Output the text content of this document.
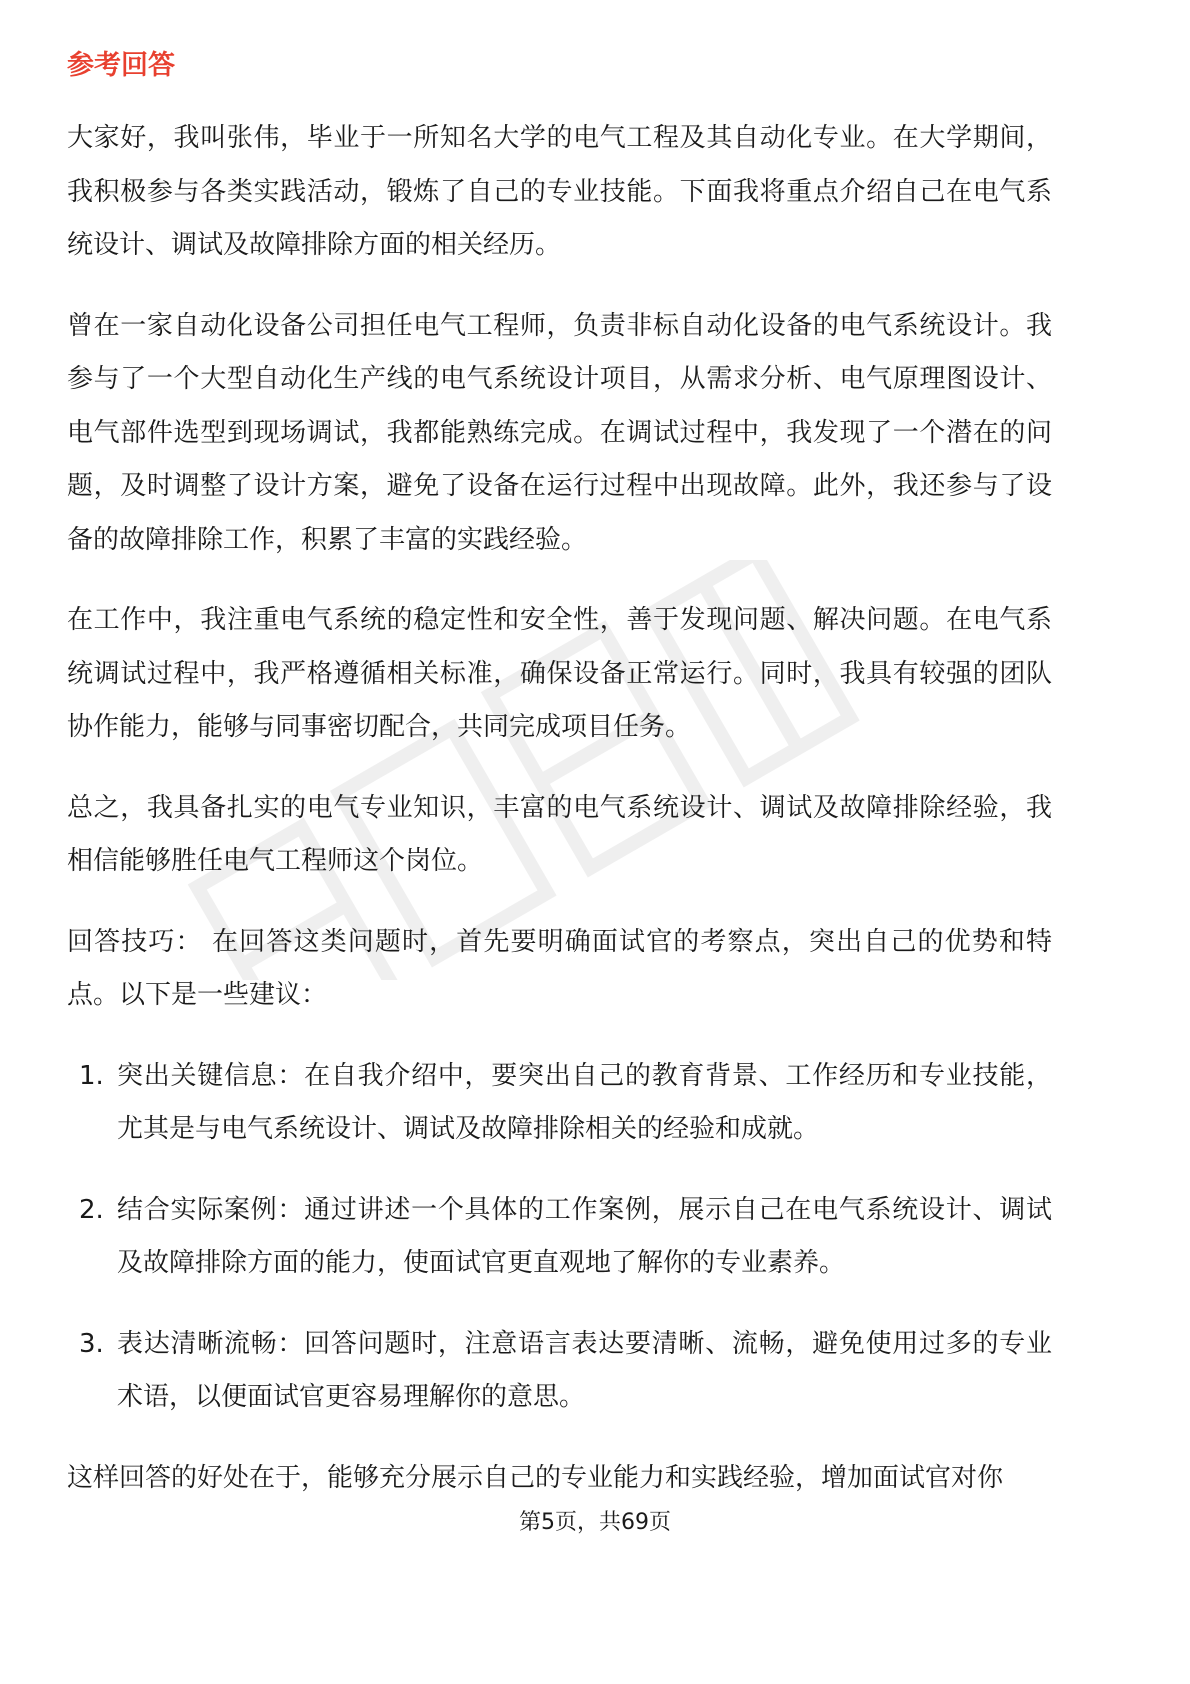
参考回答

大家好，我叫张伟，毕业于一所知名大学的电气工程及其自动化专业。在大学期间，我积极参与各类实践活动，锻炼了自己的专业技能。下面我将重点介绍自己在电气系统设计、调试及故障排除方面的相关经历。

曾在一家自动化设备公司担任电气工程师，负责非标自动化设备的电气系统设计。我参与了一个大型自动化生产线的电气系统设计项目，从需求分析、电气原理图设计、电气部件选型到现场调试，我都能熟练完成。在调试过程中，我发现了一个潜在的问题，及时调整了设计方案，避免了设备在运行过程中出现故障。此外，我还参与了设备的故障排除工作，积累了丰富的实践经验。

在工作中，我注重电气系统的稳定性和安全性，善于发现问题、解决问题。在电气系统调试过程中，我严格遵循相关标准，确保设备正常运行。同时，我具有较强的团队协作能力，能够与同事密切配合，共同完成项目任务。

总之，我具备扎实的电气专业知识，丰富的电气系统设计、调试及故障排除经验，我相信能够胜任电气工程师这个岗位。

回答技巧： 在回答这类问题时，首先要明确面试官的考察点，突出自己的优势和特点。以下是一些建议：

1. 突出关键信息：在自我介绍中，要突出自己的教育背景、工作经历和专业技能，尤其是与电气系统设计、调试及故障排除相关的经验和成就。
2. 结合实际案例：通过讲述一个具体的工作案例，展示自己在电气系统设计、调试及故障排除方面的能力，使面试官更直观地了解你的专业素养。
3. 表达清晰流畅：回答问题时，注意语言表达要清晰、流畅，避免使用过多的专业术语，以便面试官更容易理解你的意思。

这样回答的好处在于，能够充分展示自己的专业能力和实践经验，增加面试官对你

第5页，共69页
